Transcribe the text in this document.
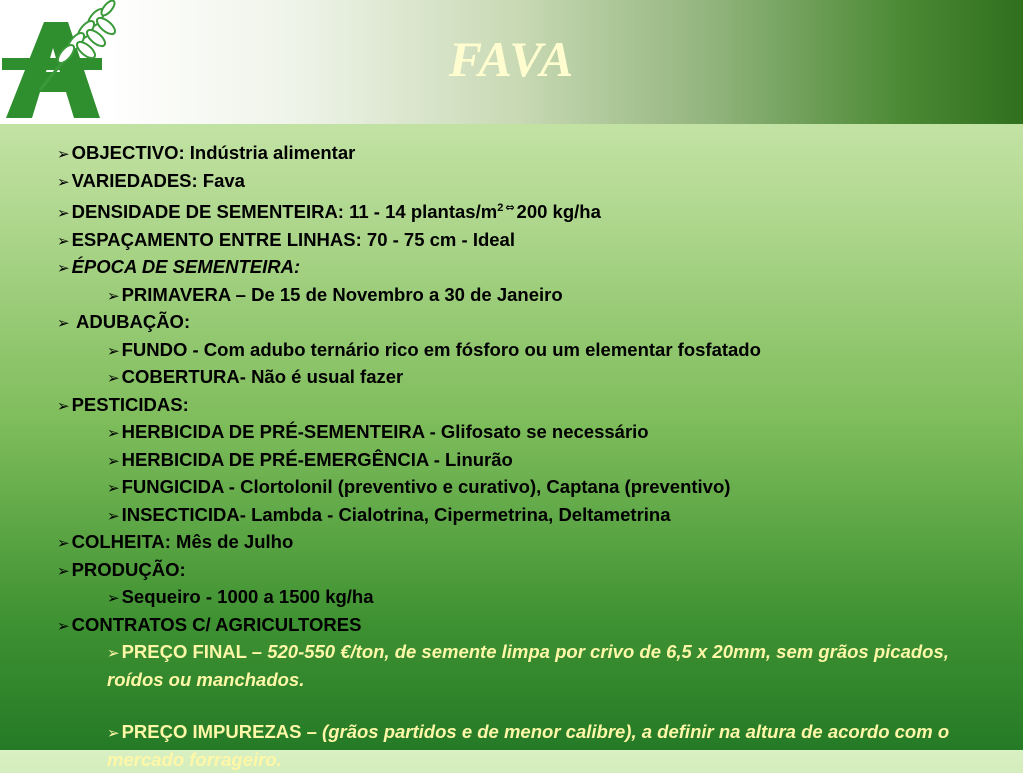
FAVA
➢ OBJECTIVO: Indústria alimentar
➢ VARIEDADES: Fava
➢ DENSIDADE DE SEMENTEIRA: 11 - 14 plantas/$m^2$ ⇔ 200 kg/ha
➢ ESPAÇAMENTO ENTRE LINHAS: 70 - 75 cm - Ideal
➢ ÉPOCA DE SEMENTEIRA:
➢ PRIMAVERA – De 15 de Novembro a 30 de Janeiro
➢ ADUBAÇÃO:
➢ FUNDO - Com adubo ternário rico em fósforo ou um elementar fosfatado
➢ COBERTURA- Não é usual fazer
➢ PESTICIDAS:
➢ HERBICIDA DE PRÉ-SEMENTEIRA - Glifosato se necessário
➢ HERBICIDA DE PRÉ-EMERGÊNCIA - Linurão
➢ FUNGICIDA - Clortolonil (preventivo e curativo), Captana (preventivo)
➢ INSECTICIDA- Lambda - Cialotrina, Cipermetrina, Deltametrina
➢ COLHEITA: Mês de Julho
➢ PRODUÇÃO:
➢ Sequeiro - 1000 a 1500 kg/ha
➢ CONTRATOS C/ AGRICULTORES
➢ PREÇO FINAL – 520-550 €/ton, de semente limpa por crivo de 6,5 x 20mm, sem grãos picados, roídos ou manchados.
➢ PREÇO IMPUREZAS – (grãos partidos e de menor calibre), a definir na altura de acordo com o mercado forrageiro.
